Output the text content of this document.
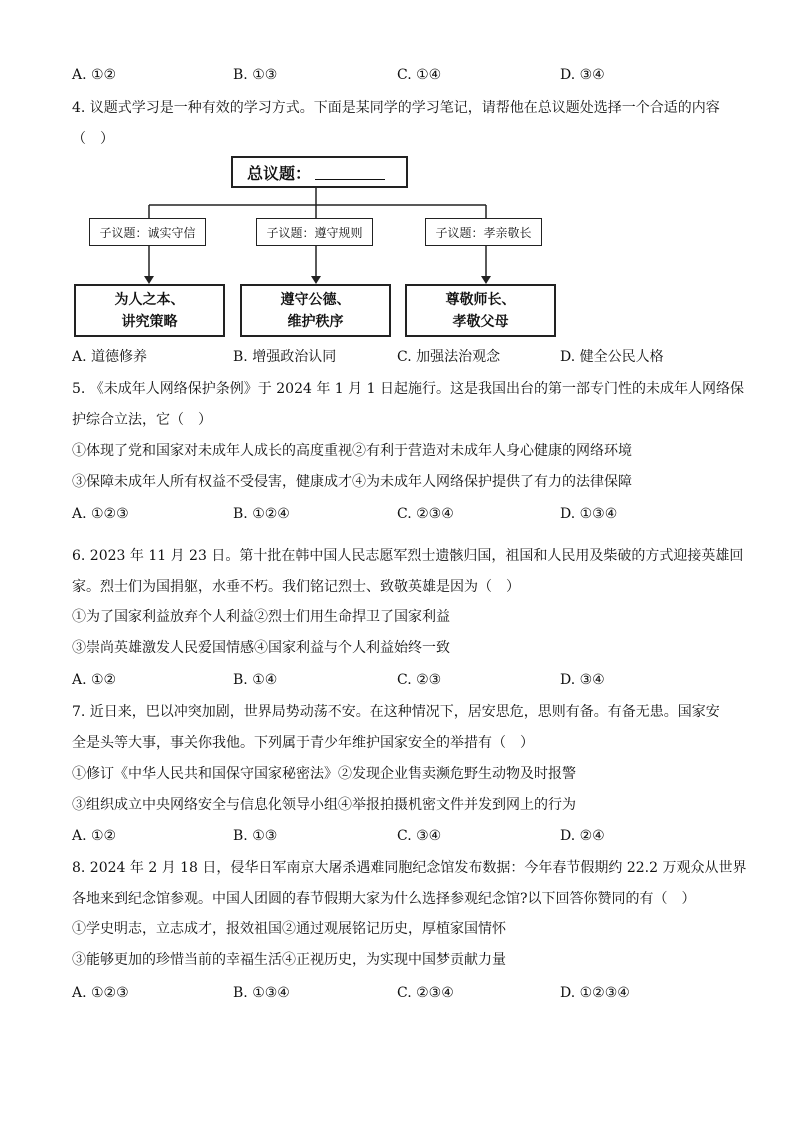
A. ①②	B. ①③	C. ①④	D. ③④
4. 议题式学习是一种有效的学习方式。下面是某同学的学习笔记，请帮他在总议题处选择一个合适的内容
（　）
总议题：
子议题：诚实守信	子议题：遵守规则	子议题：孝亲敬长
为人之本、
讲究策略
遵守公德、
维护秩序
尊敬师长、
孝敬父母
A. 道德修养	B. 增强政治认同	C. 加强法治观念	D. 健全公民人格
5. 《未成年人网络保护条例》于 2024 年 1 月 1 日起施行。这是我国出台的第一部专门性的未成年人网络保
护综合立法，它（　）
①体现了党和国家对未成年人成长的高度重视②有利于营造对未成年人身心健康的网络环境
③保障未成年人所有权益不受侵害，健康成才④为未成年人网络保护提供了有力的法律保障
A. ①②③	B. ①②④	C. ②③④	D. ①③④
6. 2023 年 11 月 23 日。第十批在韩中国人民志愿军烈士遗骸归国，祖国和人民用及柴破的方式迎接英雄回
家。烈士们为国捐躯，水垂不朽。我们铭记烈士、致敬英雄是因为（　）
①为了国家利益放弃个人利益②烈士们用生命捍卫了国家利益
③崇尚英雄激发人民爱国情感④国家利益与个人利益始终一致
A. ①②	B. ①④	C. ②③	D. ③④
7. 近日来，巴以冲突加剧，世界局势动荡不安。在这种情况下，居安思危，思则有备。有备无患。国家安
全是头等大事，事关你我他。下列属于青少年维护国家安全的举措有（　）
①修订《中华人民共和国保守国家秘密法》②发现企业售卖濒危野生动物及时报警
③组织成立中央网络安全与信息化领导小组④举报拍摄机密文件并发到网上的行为
A. ①②	B. ①③	C. ③④	D. ②④
8. 2024 年 2 月 18 日，侵华日军南京大屠杀遇难同胞纪念馆发布数据：今年春节假期约 22.2 万观众从世界
各地来到纪念馆参观。中国人团圆的春节假期大家为什么选择参观纪念馆?以下回答你赞同的有（　）
①学史明志，立志成才，报效祖国②通过观展铭记历史，厚植家国情怀
③能够更加的珍惜当前的幸福生活④正视历史，为实现中国梦贡献力量
A. ①②③	B. ①③④	C. ②③④	D. ①②③④
